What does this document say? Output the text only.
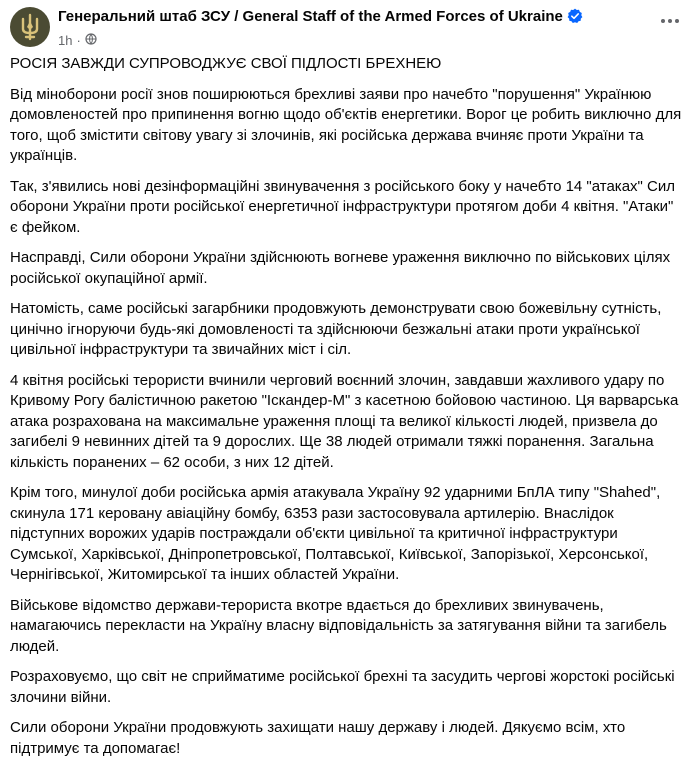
Генеральний штаб ЗСУ / General Staff of the Armed Forces of Ukraine
1h ·

РОСІЯ ЗАВЖДИ СУПРОВОДЖУЄ СВОЇ ПІДЛОСТІ БРЕХНЕЮ

Від міноборони росії знов поширюються брехливі заяви про начебто "порушення" Українюю домовленостей про припинення вогню щодо об'єктів енергетики. Ворог це робить виключно для того, щоб змістити світову увагу зі злочинів, які російська держава вчиняє проти України та українців.

Так, з'явились нові дезінформаційні звинувачення з російського боку у начебто 14 "атаках" Сил оборони України проти російської енергетичної інфраструктури протягом доби 4 квітня. "Атаки" є фейком.

Насправді, Сили оборони України здійснюють вогневе ураження виключно по військових цілях російської окупаційної армії.

Натомість, саме російські загарбники продовжують демонструвати свою божевільну сутність, цинічно ігноруючи будь-які домовленості та здійснюючи безжальні атаки проти української цивільної інфраструктури та звичайних міст і сіл.

4 квітня російські терористи вчинили черговий воєнний злочин, завдавши жахливого удару по Кривому Рогу балістичною ракетою "Іскандер-М" з касетною бойовою частиною. Ця варварська атака розрахована на максимальне ураження площі та великої кількості людей, призвела до загибелі 9 невинних дітей та 9 дорослих. Ще 38 людей отримали тяжкі поранення. Загальна кількість поранених – 62 особи, з них 12 дітей.

Крім того, минулої доби російська армія атакувала Україну 92 ударними БпЛА типу "Shahed", скинула 171 керовану авіаційну бомбу, 6353 рази застосовувала артилерію. Внаслідок підступних ворожих ударів постраждали об'єкти цивільної та критичної інфраструктури Сумської, Харківської, Дніпропетровської, Полтавської, Київської, Запорізької, Херсонської, Чернігівської, Житомирської та інших областей України.

Військове відомство держави-терориста вкотре вдається до брехливих звинувачень, намагаючись перекласти на Україну власну відповідальність за затягування війни та загибель людей.

Розраховуємо, що світ не сприйматиме російської брехні та засудить чергові жорстокі російські злочини війни.

Сили оборони України продовжують захищати нашу державу і людей. Дякуємо всім, хто підтримує та допомагає!
